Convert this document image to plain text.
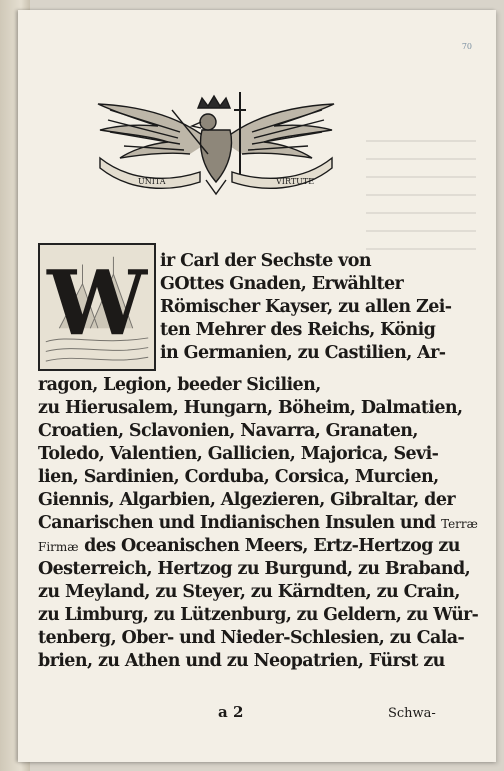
70
UNITA	VIRTUTE
W ir Carl der Sechste von

GOttes Gnaden, Erwählter

Römischer Kayser, zu allen Zei-

ten Mehrer des Reichs, König

in Germanien, zu Castilien, Ar-

ragon, Legion, beeder Sicilien,

zu Hierusalem, Hungarn, Böheim, Dalmatien,

Croatien, Sclavonien, Navarra, Granaten,

Toledo, Valentien, Gallicien, Majorica, Sevi-

lien, Sardinien, Corduba, Corsica, Murcien,

Giennis, Algarbien, Algezieren, Gibraltar, der

Canarischen und Indianischen Insulen und Terræ
Firmæ des Oceanischen Meers, Ertz-Hertzog zu

Oesterreich, Hertzog zu Burgund, zu Braband,

zu Meyland, zu Steyer, zu Kärndten, zu Crain,

zu Limburg, zu Lützenburg, zu Geldern, zu Wür-

tenberg, Ober- und Nieder-Schlesien, zu Cala-

brien, zu Athen und zu Neopatrien, Fürst zu

a 2	Schwa-
